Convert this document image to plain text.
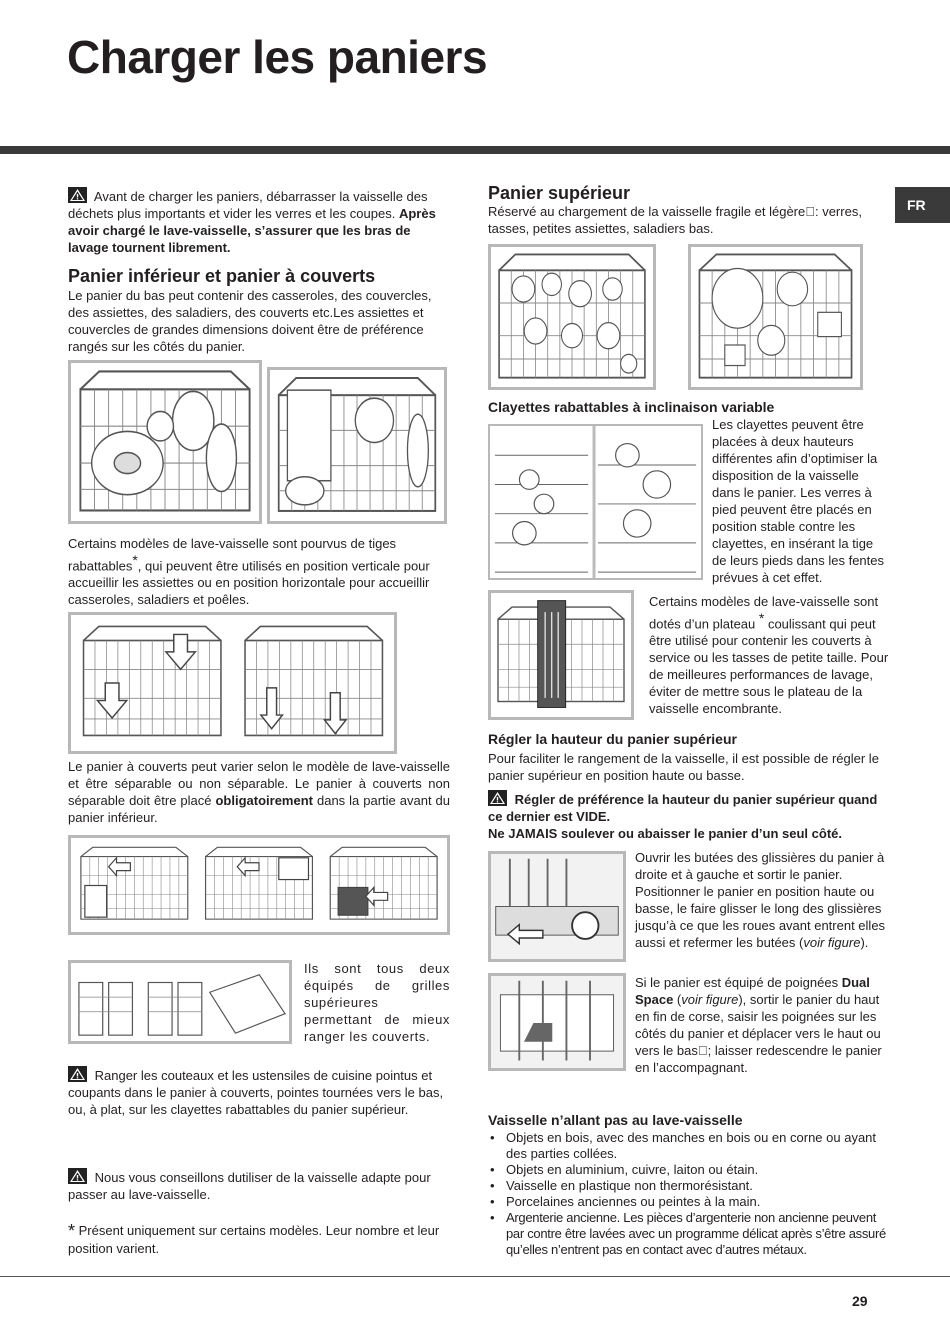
Charger les paniers
FR
Avant de charger les paniers, débarrasser la vaisselle des déchets plus importants et vider les verres et les coupes. Après avoir chargé le lave-vaisselle, s’assurer que les bras de lavage tournent librement.
Panier inférieur et panier à couverts
Le panier du bas peut contenir des casseroles, des couvercles, des assiettes, des saladiers, des couverts etc.Les assiettes et couvercles de grandes dimensions doivent être de préférence rangés sur les côtés du panier.
Certains modèles de lave-vaisselle sont pourvus de tiges rabattables*, qui peuvent être utilisés en position verticale pour accueillir les assiettes ou en position horizontale pour accueillir casseroles, saladiers et poêles.
Le panier à couverts peut varier selon le modèle de lave-vaisselle et être séparable ou non séparable. Le panier à couverts non séparable doit être placé obligatoirement dans la partie avant du panier inférieur.
Ils sont tous deux équipés de grilles supérieures permettant de mieux ranger les couverts.
Ranger les couteaux et les ustensiles de cuisine pointus et coupants dans le panier à couverts, pointes tournées vers le bas, ou, à plat, sur les clayettes rabattables du panier supérieur.
Nous vous conseillons dutiliser de la vaisselle adapte pour passer au lave-vaisselle.
* Présent uniquement sur certains modèles. Leur nombre et leur position varient.
Panier supérieur
Réservé au chargement de la vaisselle fragile et légère : verres, tasses, petites assiettes, saladiers bas.
Clayettes rabattables à inclinaison variable
Les clayettes peuvent être placées à deux hauteurs différentes afin d’optimiser la disposition de la vaisselle dans le panier. Les verres à pied peuvent être placés en position stable contre les clayettes, en insérant la tige de leurs pieds dans les fentes prévues à cet effet.
Certains modèles de lave-vaisselle sont dotés d’un plateau * coulissant qui peut être utilisé pour contenir les couverts à service ou les tasses de petite taille. Pour de meilleures performances de lavage, éviter de mettre sous le plateau de la vaisselle encombrante.
Régler la hauteur du panier supérieur
Pour faciliter le rangement de la vaisselle, il est possible de régler le panier supérieur en position haute ou basse.
Régler de préférence la hauteur du panier supérieur quand ce dernier est VIDE.
Ne JAMAIS soulever ou abaisser le panier d’un seul côté.
Ouvrir les butées des glissières du panier à droite et à gauche et sortir le panier. Positionner le panier en position haute ou basse, le faire glisser le long des glissières jusqu’à ce que les roues avant entrent elles aussi et refermer les butées (voir figure).
Si le panier est équipé de poignées Dual Space (voir figure), sortir le panier du haut en fin de corse, saisir les poignées sur les côtés du panier et déplacer vers le haut ou vers le bas ; laisser redescendre le panier en l’accompagnant.
Vaisselle n’allant pas au lave-vaisselle
• Objets en bois, avec des manches en bois ou en corne ou ayant des parties collées.
• Objets en aluminium, cuivre, laiton ou étain.
• Vaisselle en plastique non thermorésistant.
• Porcelaines anciennes ou peintes à la main.
• Argenterie ancienne. Les pièces d’argenterie non ancienne peuvent par contre être lavées avec un programme délicat après s’être assuré qu’elles n’entrent pas en contact avec d’autres métaux.
29
